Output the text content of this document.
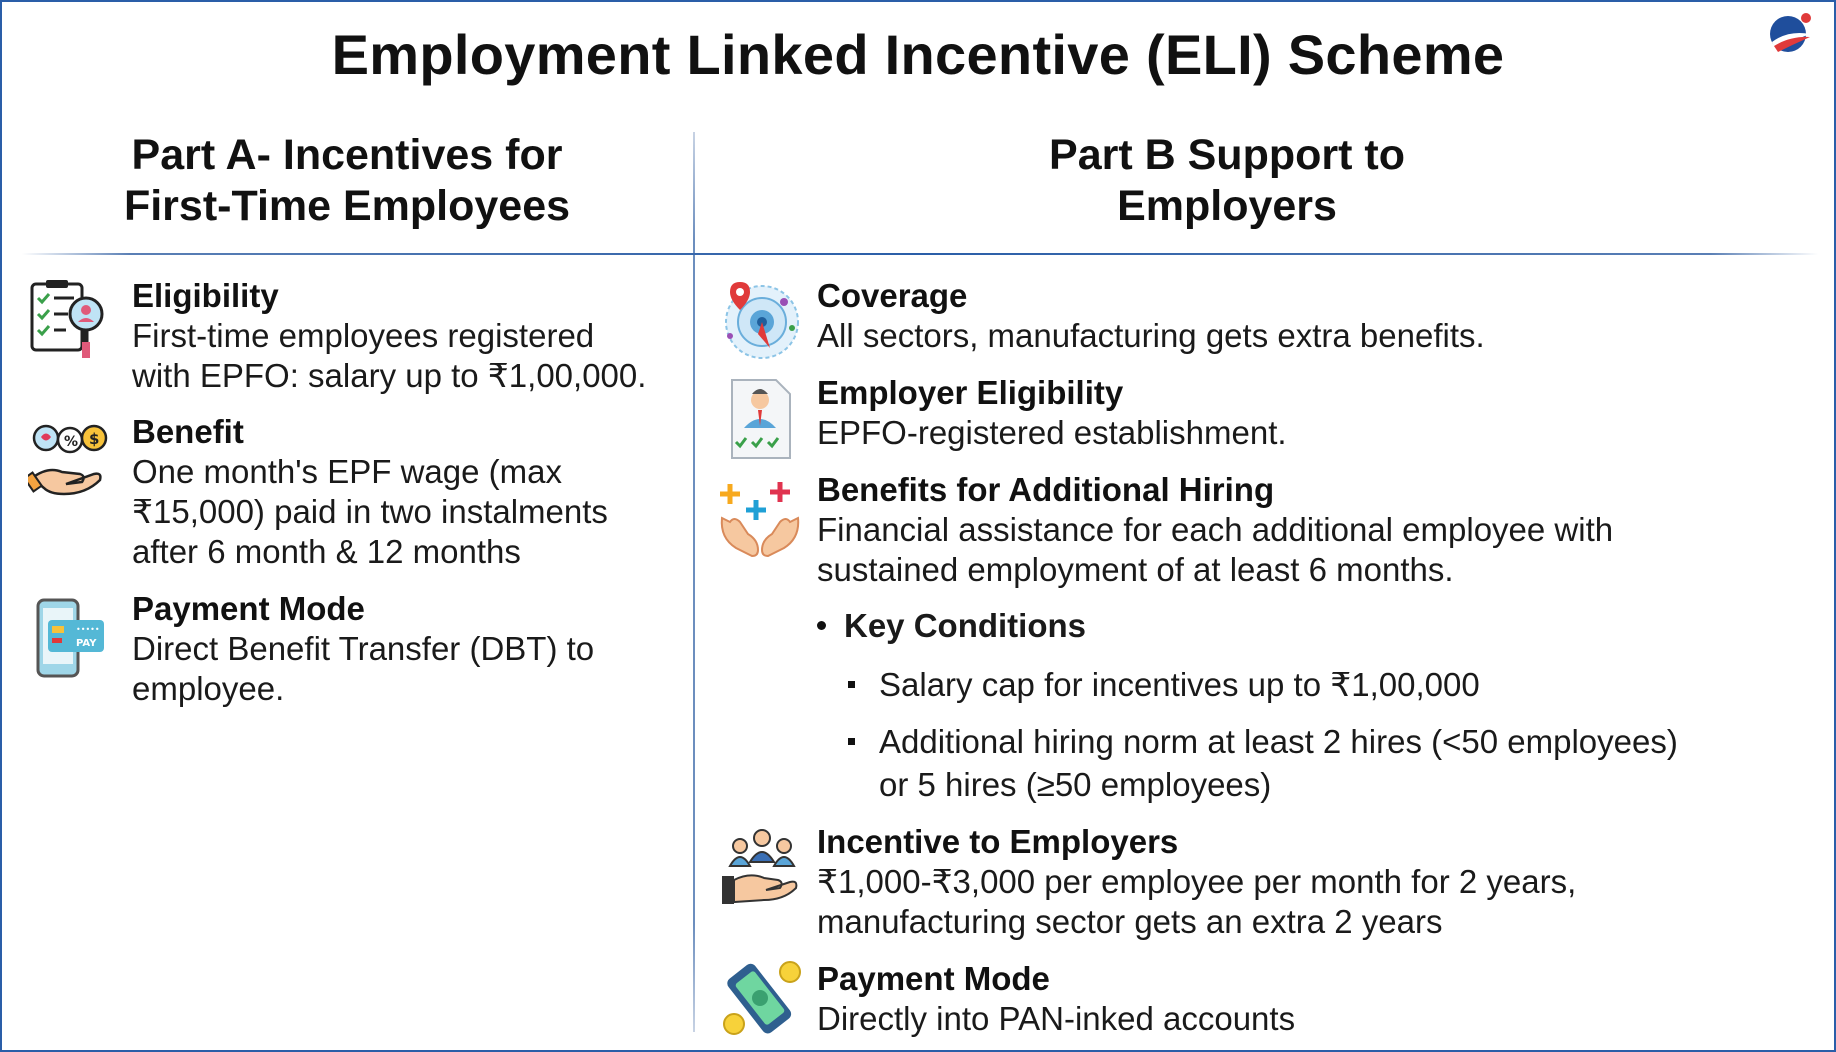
Employment Linked Incentive (ELI) Scheme
Part A- Incentives for
First-Time Employees
Part B Support to
Employers
Eligibility

First-time employees registered

with EPFO: salary up to ₹1,00,000.

% $ Benefit

One month's EPF wage (max

₹15,000) paid in two instalments

after 6 month & 12 months

PAY
•••••
Payment Mode

Direct Benefit Transfer (DBT) to

employee.

Coverage

All sectors, manufacturing gets extra benefits.

Employer Eligibility

EPFO-registered establishment.

Benefits for Additional Hiring

Financial assistance for each additional employee with

sustained employment of at least 6 months.

Key Conditions
Salary cap for incentives up to ₹1,00,000
Additional hiring norm at least 2 hires (<50 employees)
or 5 hires (≥50 employees)
Incentive to Employers

₹1,000-₹3,000 per employee per month for 2 years,

manufacturing sector gets an extra 2 years

Payment Mode

Directly into PAN-inked accounts
